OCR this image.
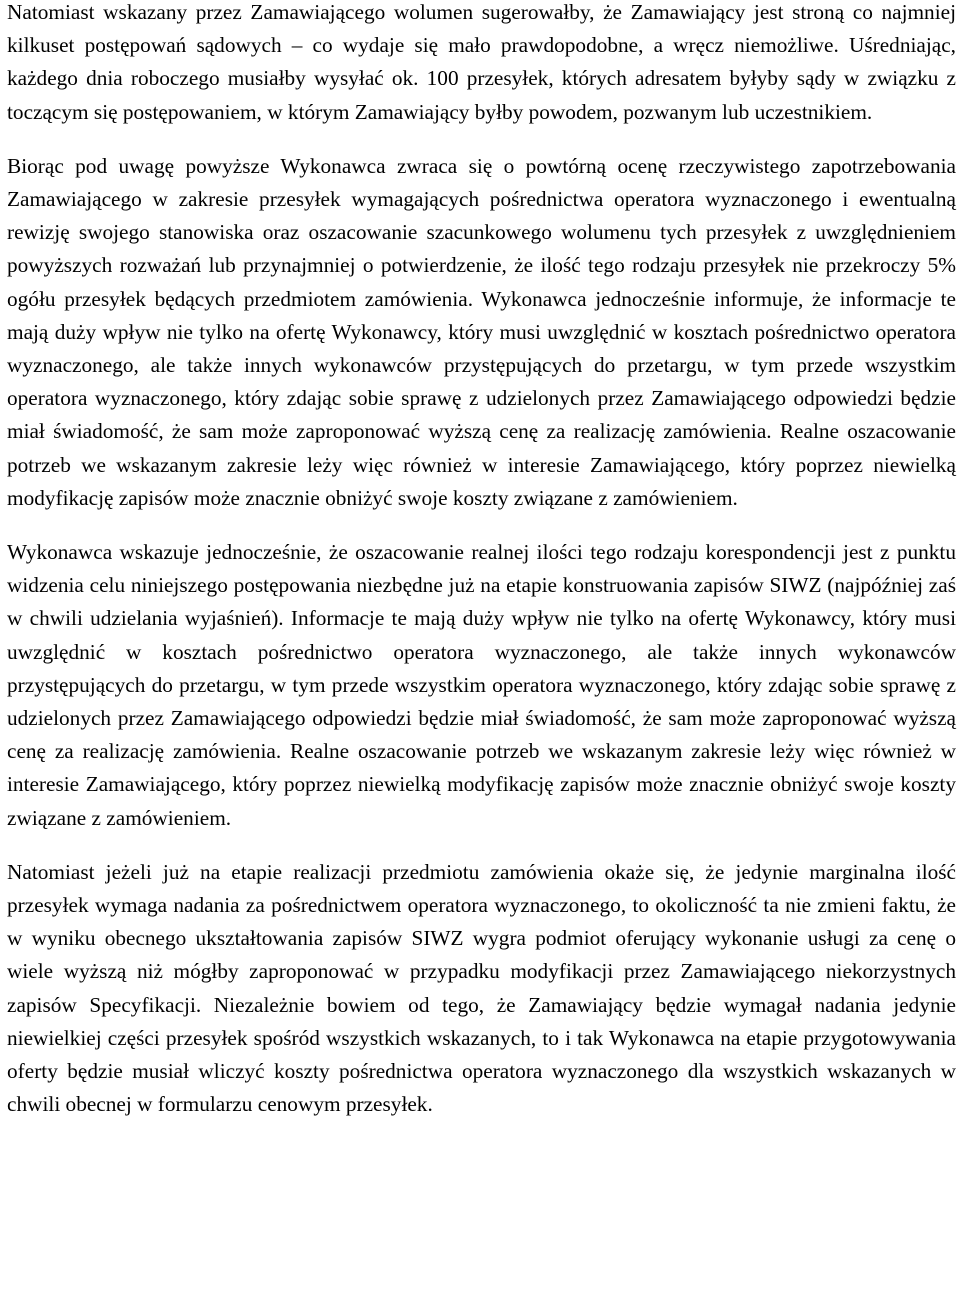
Natomiast wskazany przez Zamawiającego wolumen sugerowałby, że Zamawiający jest stroną co najmniej kilkuset postępowań sądowych – co wydaje się mało prawdopodobne, a wręcz niemożliwe. Uśredniając, każdego dnia roboczego musiałby wysyłać ok. 100 przesyłek, których adresatem byłyby sądy w związku z toczącym się postępowaniem, w którym Zamawiający byłby powodem, pozwanym lub uczestnikiem.

Biorąc pod uwagę powyższe Wykonawca zwraca się o powtórną ocenę rzeczywistego zapotrzebowania Zamawiającego w zakresie przesyłek wymagających pośrednictwa operatora wyznaczonego i ewentualną rewizję swojego stanowiska oraz oszacowanie szacunkowego wolumenu tych przesyłek z uwzględnieniem powyższych rozważań lub przynajmniej o potwierdzenie, że ilość tego rodzaju przesyłek nie przekroczy 5% ogółu przesyłek będących przedmiotem zamówienia. Wykonawca jednocześnie informuje, że informacje te mają duży wpływ nie tylko na ofertę Wykonawcy, który musi uwzględnić w kosztach pośrednictwo operatora wyznaczonego, ale także innych wykonawców przystępujących do przetargu, w tym przede wszystkim operatora wyznaczonego, który zdając sobie sprawę z udzielonych przez Zamawiającego odpowiedzi będzie miał świadomość, że sam może zaproponować wyższą cenę za realizację zamówienia. Realne oszacowanie potrzeb we wskazanym zakresie leży więc również w interesie Zamawiającego, który poprzez niewielką modyfikację zapisów może znacznie obniżyć swoje koszty związane z zamówieniem.

Wykonawca wskazuje jednocześnie, że oszacowanie realnej ilości tego rodzaju korespondencji jest z punktu widzenia celu niniejszego postępowania niezbędne już na etapie konstruowania zapisów SIWZ (najpóźniej zaś w chwili udzielania wyjaśnień). Informacje te mają duży wpływ nie tylko na ofertę Wykonawcy, który musi uwzględnić w kosztach pośrednictwo operatora wyznaczonego, ale także innych wykonawców przystępujących do przetargu, w tym przede wszystkim operatora wyznaczonego, który zdając sobie sprawę z udzielonych przez Zamawiającego odpowiedzi będzie miał świadomość, że sam może zaproponować wyższą cenę za realizację zamówienia. Realne oszacowanie potrzeb we wskazanym zakresie leży więc również w interesie Zamawiającego, który poprzez niewielką modyfikację zapisów może znacznie obniżyć swoje koszty związane z zamówieniem.

Natomiast jeżeli już na etapie realizacji przedmiotu zamówienia okaże się, że jedynie marginalna ilość przesyłek wymaga nadania za pośrednictwem operatora wyznaczonego, to okoliczność ta nie zmieni faktu, że w wyniku obecnego ukształtowania zapisów SIWZ wygra podmiot oferujący wykonanie usługi za cenę o wiele wyższą niż mógłby zaproponować w przypadku modyfikacji przez Zamawiającego niekorzystnych zapisów Specyfikacji. Niezależnie bowiem od tego, że Zamawiający będzie wymagał nadania jedynie niewielkiej części przesyłek spośród wszystkich wskazanych, to i tak Wykonawca na etapie przygotowywania oferty będzie musiał wliczyć koszty pośrednictwa operatora wyznaczonego dla wszystkich wskazanych w chwili obecnej w formularzu cenowym przesyłek.
